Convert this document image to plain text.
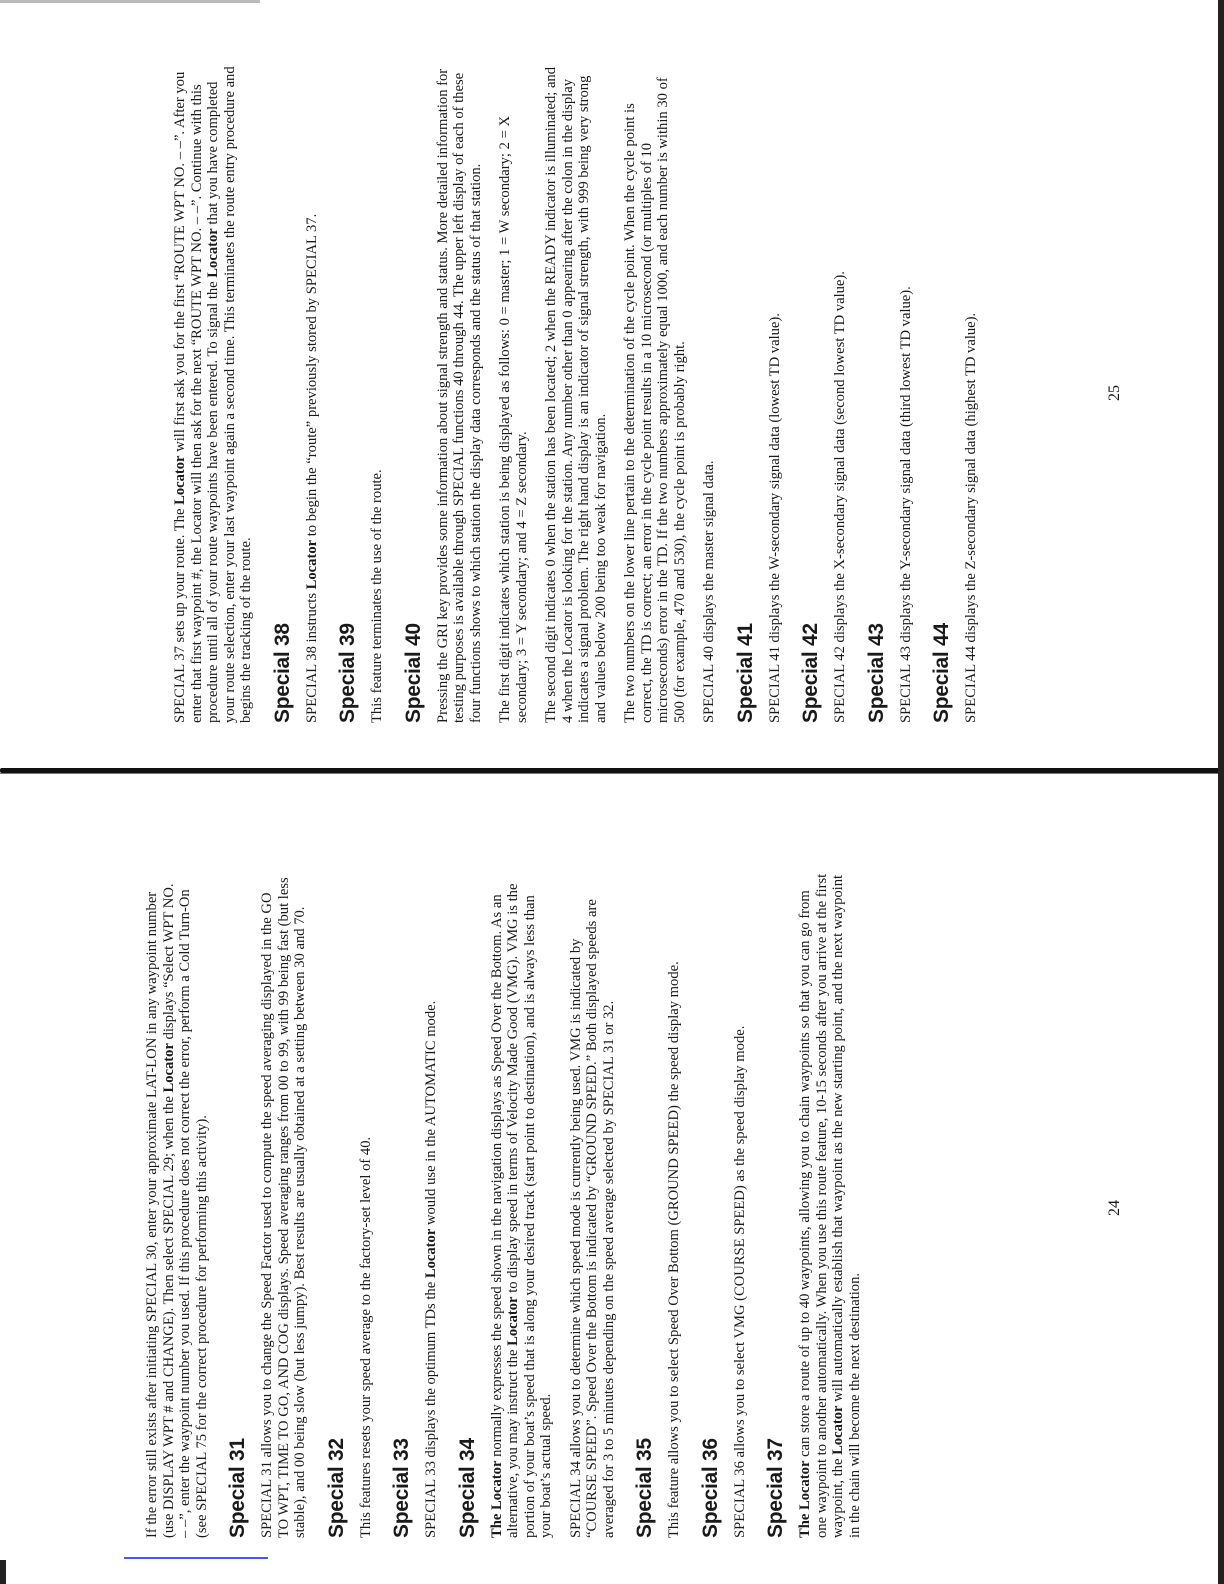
SPECIAL 37 sets up your route. The Locator will first ask you for the first “ROUTE WPT NO. – –”. After you enter that first waypoint #, the Locator will then ask for the next “ROUTE WPT NO. – –”. Continue with this procedure until all of your route waypoints have been entered. To signal the Locator that you have completed your route selection, enter your last waypoint again a second time. This terminates the route entry procedure and begins the tracking of the route. Special 38 SPECIAL 38 instructs Locator to begin the “route” previously stored by SPECIAL 37.

Special 39 This feature terminates the use of the route. Special 40 Pressing the GRI key provides some information about signal strength and status. More detailed information for testing purposes is available through SPECIAL functions 40 through 44. The upper left display of each of these four functions shows to which station the display data corresponds and the status of that station. The first digit indicates which station is being displayed as follows: 0 = master; 1 = W secondary; 2 = X secondary; 3 = Y secondary; and 4 = Z secondary. The second digit indicates 0 when the station has been located; 2 when the READY indicator is illuminated; and 4 when the Locator is looking for the station. Any number other than 0 appearing after the colon in the display indicates a signal problem. The right hand display is an indicator of signal strength, with 999 being very strong and values below 200 being too weak for navigation. The two numbers on the lower line pertain to the determination of the cycle point. When the cycle point is correct, the TD is correct; an error in the cycle point results in a 10 microsecond (or multiples of 10 microseconds) error in the TD. If the two numbers approximately equal 1000, and each number is within 30 of 500 (for example, 470 and 530), the cycle point is probably right. SPECIAL 40 displays the master signal data. Special 41 SPECIAL 41 displays the W-secondary signal data (lowest TD value). Special 42 SPECIAL 42 displays the X-secondary signal data (second lowest TD value). Special 43 SPECIAL 43 displays the Y-secondary signal data (third lowest TD value). Special 44 SPECIAL 44 displays the Z-secondary signal data (highest TD value).	25

If the error still exists after initiating SPECIAL 30, enter your approximate LAT-LON in any waypoint number (use DISPLAY WPT # and CHANGE). Then select SPECIAL 29; when the Locator displays “Select WPT NO. – –”, enter the waypoint number you used. If this procedure does not correct the error, perform a Cold Turn-On (see SPECIAL 75 for the correct procedure for performing this activity). Special 31 SPECIAL 31 allows you to change the Speed Factor used to compute the speed averaging displayed in the GO TO WPT, TIME TO GO, AND COG displays. Speed averaging ranges from 00 to 99, with 99 being fast (but less stable), and 00 being slow (but less jumpy). Best results are usually obtained at a setting between 30 and 70. Special 32 This features resets your speed average to the factory-set level of 40. Special 33 SPECIAL 33 displays the optimum TDs the Locator would use in the AUTOMATIC mode.

Special 34 The Locator normally expresses the speed shown in the navigation displays as Speed Over the Bottom. As an alternative, you may instruct the Locator to display speed in terms of Velocity Made Good (VMG). VMG is the portion of your boat’s speed that is along your desired track (start point to destination), and is always less than your boat’s actual speed. SPECIAL 34 allows you to determine which speed mode is currently being used. VMG is indicated by “COURSE SPEED”. Speed Over the Bottom is indicated by “GROUND SPEED.” Both displayed speeds are averaged for 3 to 5 minutes depending on the speed average selected by SPECIAL 31 or 32. Special 35 This feature allows you to select Speed Over Bottom (GROUND SPEED) the speed display mode. Special 36 SPECIAL 36 allows you to select VMG (COURSE SPEED) as the speed display mode. Special 37 The Locator can store a route of up to 40 waypoints, allowing you to chain waypoints so that you can go from one waypoint to another automatically. When you use this route feature, 10-15 seconds after you arrive at the first waypoint, the Locator will automatically establish that waypoint as the new starting point, and the next waypoint in the chain will become the next destination.

24
